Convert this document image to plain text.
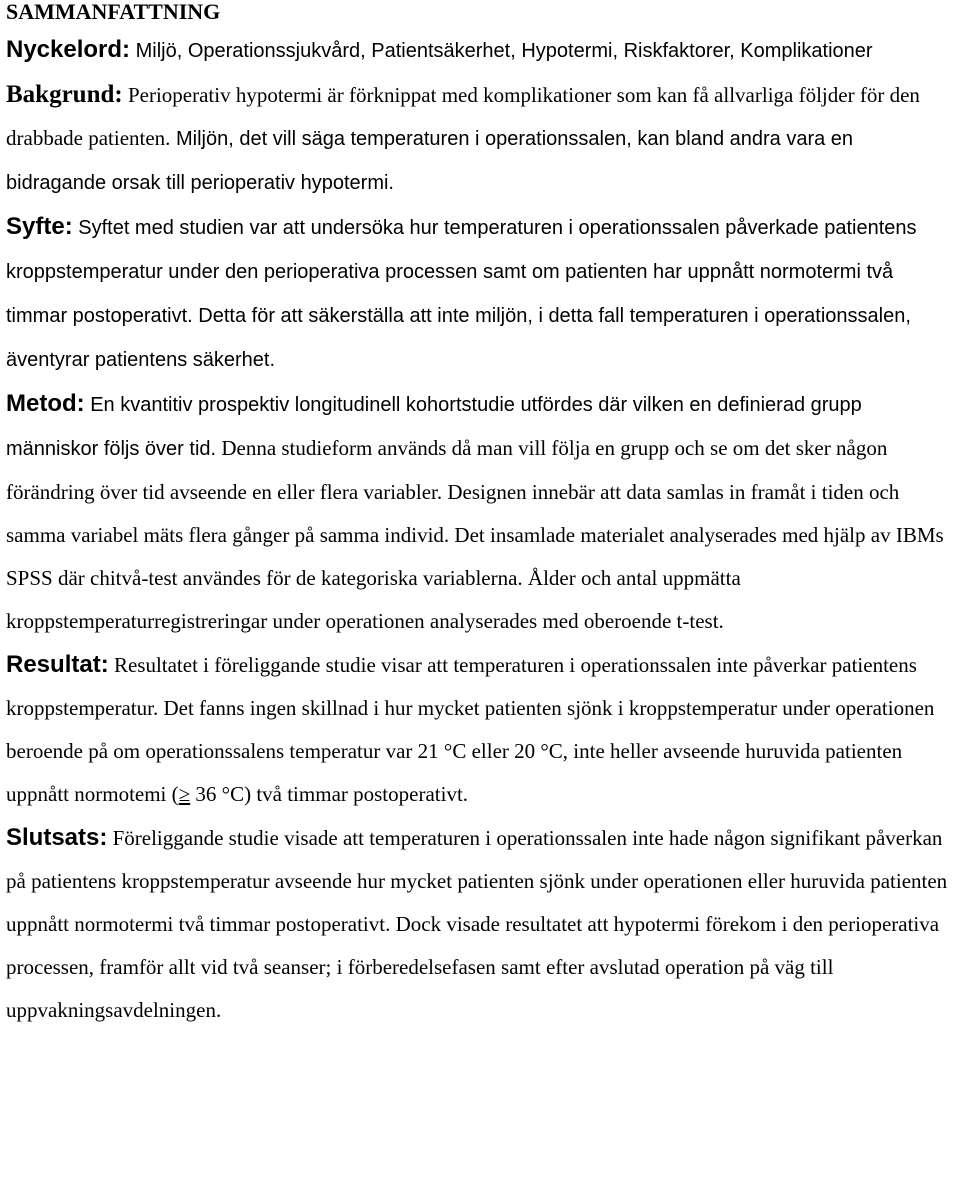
SAMMANFATTNING

Nyckelord: Miljö, Operationssjukvård, Patientsäkerhet, Hypotermi, Riskfaktorer, Komplikationer

Bakgrund: Perioperativ hypotermi är förknippat med komplikationer som kan få allvarliga följder för den drabbade patienten. Miljön, det vill säga temperaturen i operationssalen, kan bland andra vara en bidragande orsak till perioperativ hypotermi.

Syfte: Syftet med studien var att undersöka hur temperaturen i operationssalen påverkade patientens kroppstemperatur under den perioperativa processen samt om patienten har uppnått normotermi två timmar postoperativt. Detta för att säkerställa att inte miljön, i detta fall temperaturen i operationssalen, äventyrar patientens säkerhet.

Metod: En kvantitiv prospektiv longitudinell kohortstudie utfördes där vilken en definierad grupp människor följs över tid. Denna studieform används då man vill följa en grupp och se om det sker någon förändring över tid avseende en eller flera variabler. Designen innebär att data samlas in framåt i tiden och samma variabel mäts flera gånger på samma individ. Det insamlade materialet analyserades med hjälp av IBMs SPSS där chitvå-test användes för de kategoriska variablerna. Ålder och antal uppmätta kroppstemperaturregistreringar under operationen analyserades med oberoende t-test.

Resultat: Resultatet i föreliggande studie visar att temperaturen i operationssalen inte påverkar patientens kroppstemperatur. Det fanns ingen skillnad i hur mycket patienten sjönk i kroppstemperatur under operationen beroende på om operationssalens temperatur var 21 °C eller 20 °C, inte heller avseende huruvida patienten uppnått normotemi (≥ 36 °C) två timmar postoperativt.

Slutsats: Föreliggande studie visade att temperaturen i operationssalen inte hade någon signifikant påverkan på patientens kroppstemperatur avseende hur mycket patienten sjönk under operationen eller huruvida patienten uppnått normotermi två timmar postoperativt. Dock visade resultatet att hypotermi förekom i den perioperativa processen, framför allt vid två seanser; i förberedelsefasen samt efter avslutad operation på väg till uppvakningsavdelningen.
